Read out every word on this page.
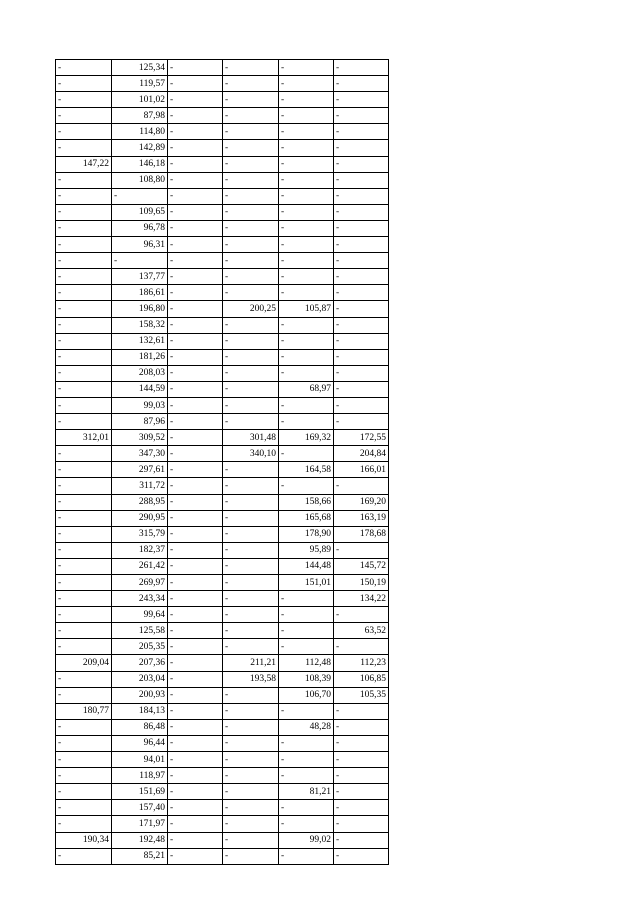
-	125,34	-	-	-	-
-	119,57	-	-	-	-
-	101,02	-	-	-	-
-	87,98	-	-	-	-
-	114,80	-	-	-	-
-	142,89	-	-	-	-
147,22	146,18	-	-	-	-
-	108,80	-	-	-	-
-	-	-	-	-	-
-	109,65	-	-	-	-
-	96,78	-	-	-	-
-	96,31	-	-	-	-
-	-	-	-	-	-
-	137,77	-	-	-	-
-	186,61	-	-	-	-
-	196,80	-	200,25	105,87	-
-	158,32	-	-	-	-
-	132,61	-	-	-	-
-	181,26	-	-	-	-
-	208,03	-	-	-	-
-	144,59	-	-	68,97	-
-	99,03	-	-	-	-
-	87,96	-	-	-	-
312,01	309,52	-	301,48	169,32	172,55
-	347,30	-	340,10	-	204,84
-	297,61	-	-	164,58	166,01
-	311,72	-	-	-	-
-	288,95	-	-	158,66	169,20
-	290,95	-	-	165,68	163,19
-	315,79	-	-	178,90	178,68
-	182,37	-	-	95,89	-
-	261,42	-	-	144,48	145,72
-	269,97	-	-	151,01	150,19
-	243,34	-	-	-	134,22
-	99,64	-	-	-	-
-	125,58	-	-	-	63,52
-	205,35	-	-	-	-
209,04	207,36	-	211,21	112,48	112,23
-	203,04	-	193,58	108,39	106,85
-	200,93	-	-	106,70	105,35
180,77	184,13	-	-	-	-
-	86,48	-	-	48,28	-
-	96,44	-	-	-	-
-	94,01	-	-	-	-
-	118,97	-	-	-	-
-	151,69	-	-	81,21	-
-	157,40	-	-	-	-
-	171,97	-	-	-	-
190,34	192,48	-	-	99,02	-
-	85,21	-	-	-	-
